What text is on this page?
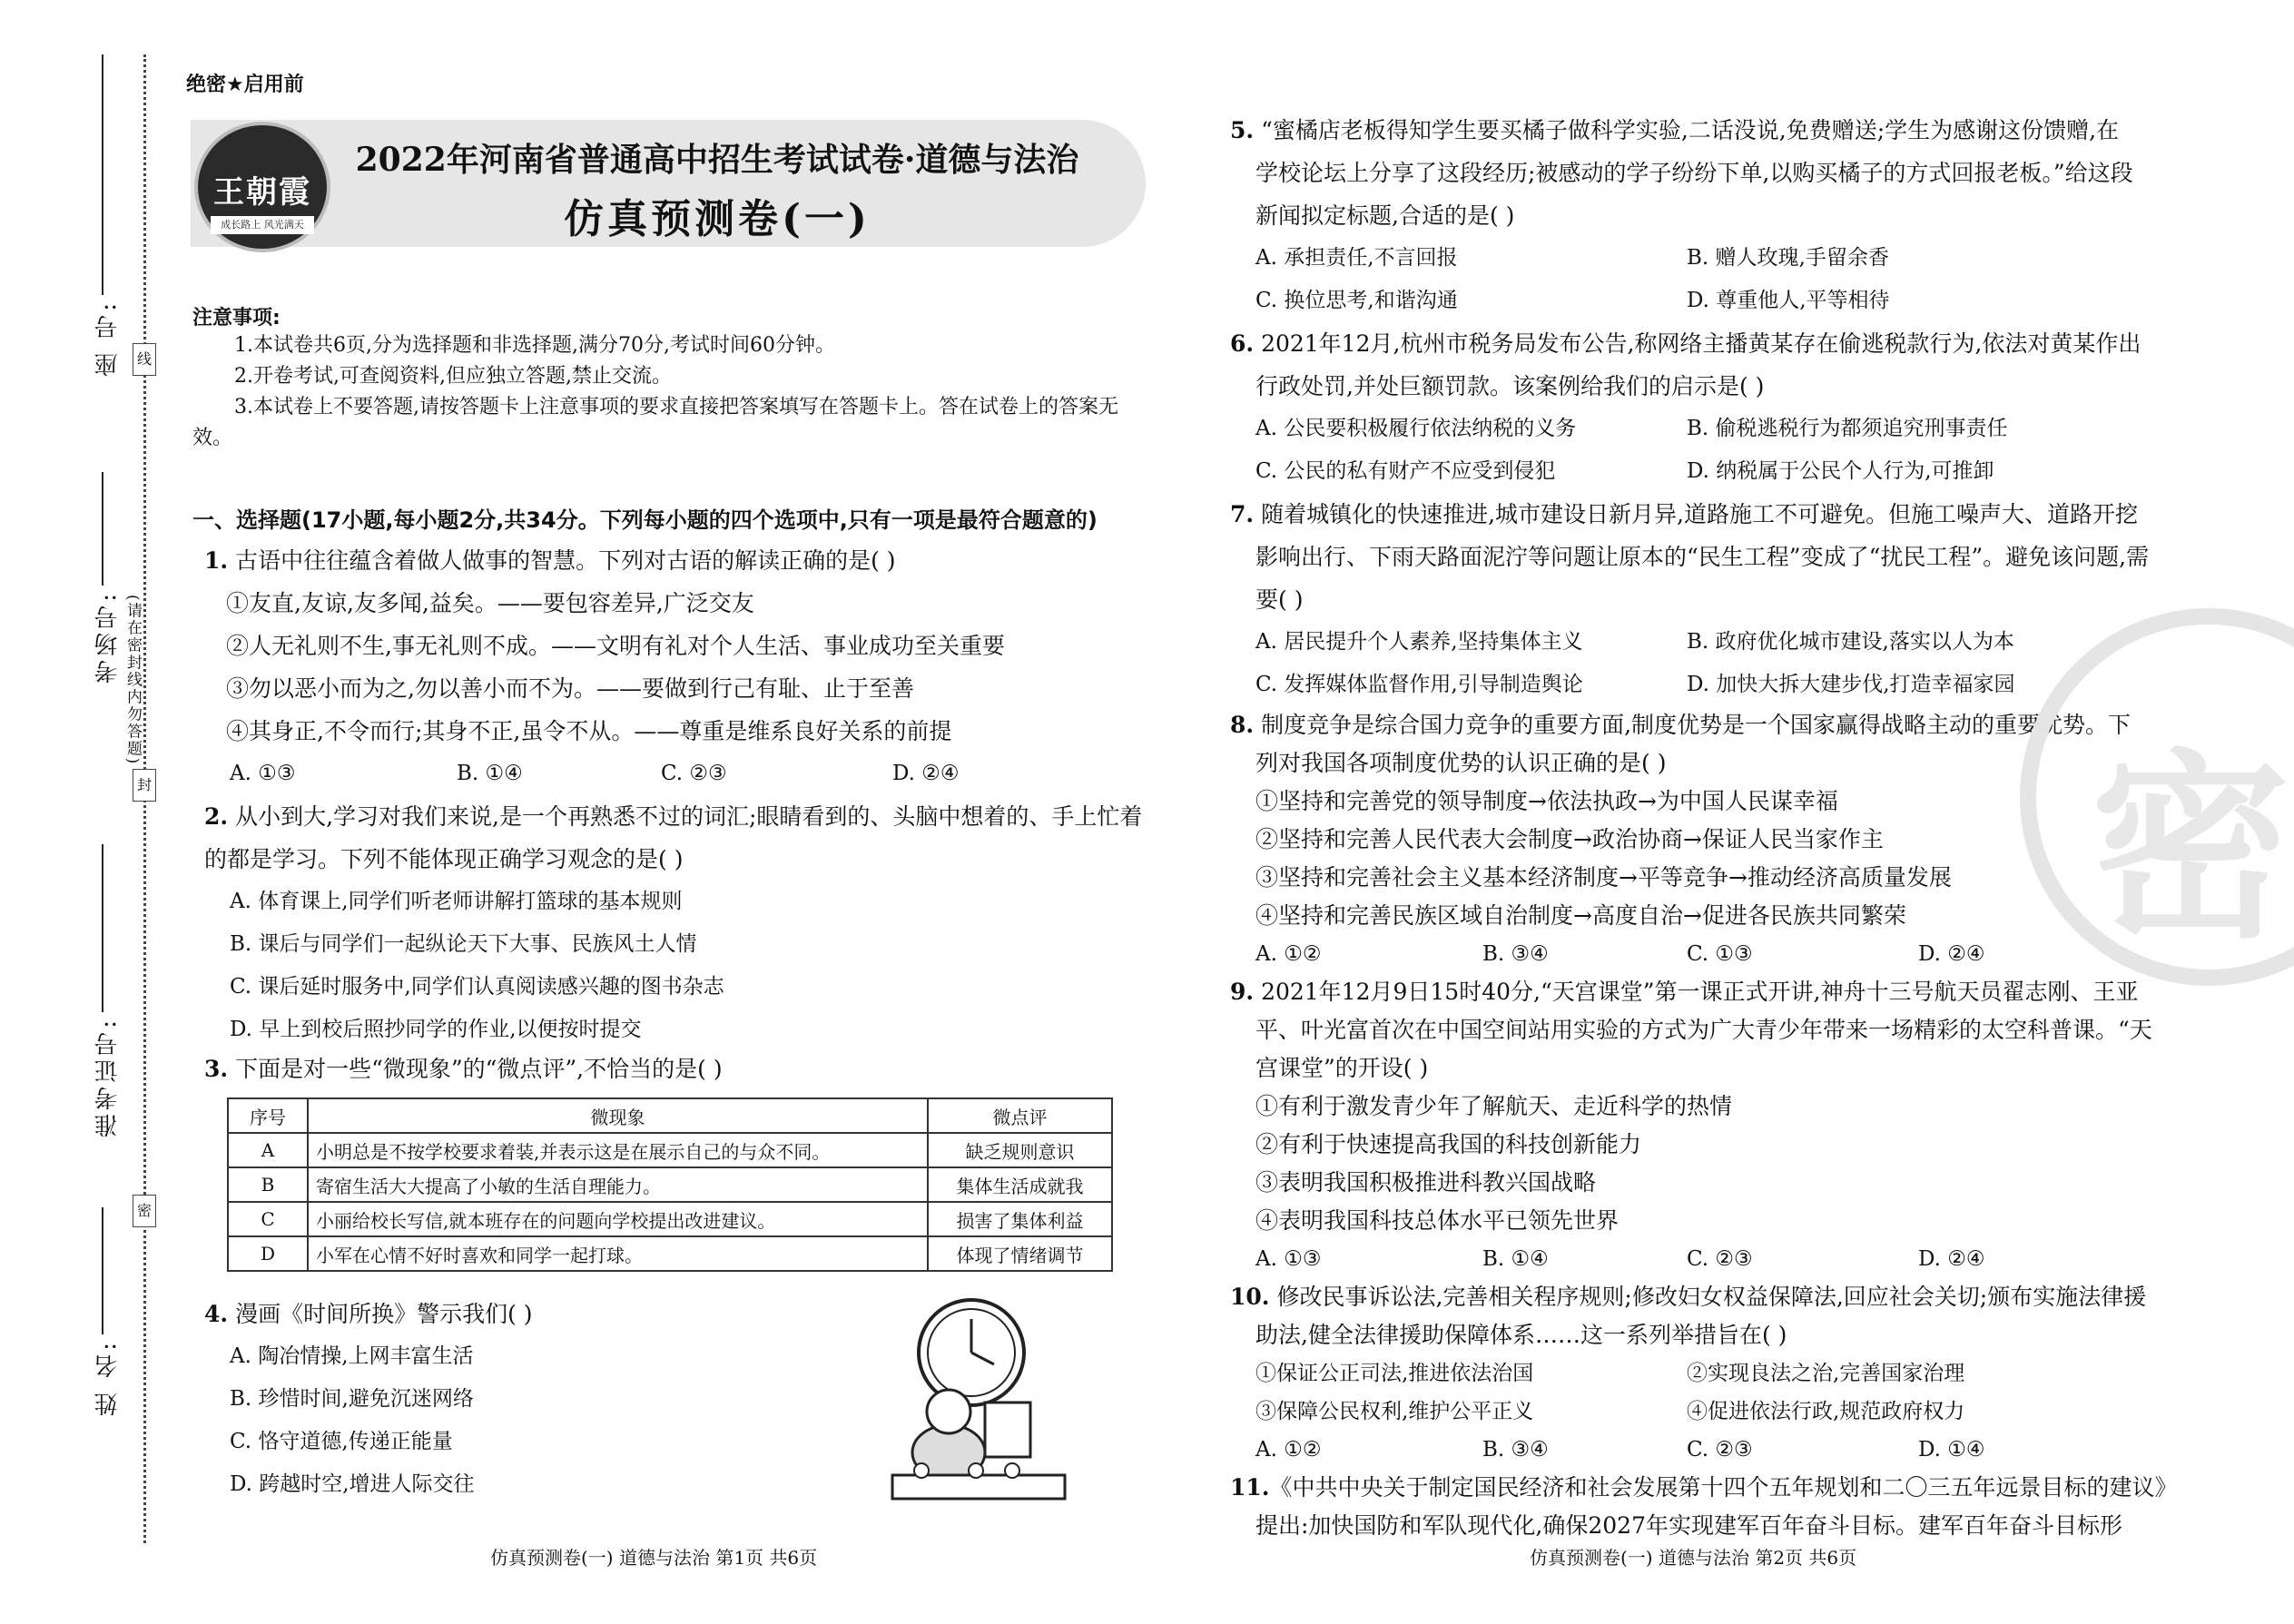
座 号:
考场号:
准考证号:
姓 名:
线
封
密
(请在密封线内勿答题)
绝密★启用前
王朝霞
成长路上 风光满天
2022年河南省普通高中招生考试试卷·道德与法治
仿真预测卷(一)
注意事项:
1.本试卷共6页,分为选择题和非选择题,满分70分,考试时间60分钟。
2.开卷考试,可查阅资料,但应独立答题,禁止交流。
3.本试卷上不要答题,请按答题卡上注意事项的要求直接把答案填写在答题卡上。答在试卷上的答案无效。
一、选择题(17小题,每小题2分,共34分。下列每小题的四个选项中,只有一项是最符合题意的)
1. 古语中往往蕴含着做人做事的智慧。下列对古语的解读正确的是( )
①友直,友谅,友多闻,益矣。——要包容差异,广泛交友
②人无礼则不生,事无礼则不成。——文明有礼对个人生活、事业成功至关重要
③勿以恶小而为之,勿以善小而不为。——要做到行己有耻、止于至善
④其身正,不令而行;其身不正,虽令不从。——尊重是维系良好关系的前提
A. ①③	B. ①④	C. ②③	D. ②④
2. 从小到大,学习对我们来说,是一个再熟悉不过的词汇;眼睛看到的、头脑中想着的、手上忙着的都是学习。下列不能体现正确学习观念的是( )
A. 体育课上,同学们听老师讲解打篮球的基本规则
B. 课后与同学们一起纵论天下大事、民族风土人情
C. 课后延时服务中,同学们认真阅读感兴趣的图书杂志
D. 早上到校后照抄同学的作业,以便按时提交
3. 下面是对一些“微现象”的“微点评”,不恰当的是( )
序号	微现象	微点评
A	小明总是不按学校要求着装,并表示这是在展示自己的与众不同。	缺乏规则意识
B	寄宿生活大大提高了小敏的生活自理能力。	集体生活成就我
C	小丽给校长写信,就本班存在的问题向学校提出改进建议。	损害了集体利益
D	小军在心情不好时喜欢和同学一起打球。	体现了情绪调节
4. 漫画《时间所换》警示我们( )
A. 陶冶情操,上网丰富生活
B. 珍惜时间,避免沉迷网络
C. 恪守道德,传递正能量
D. 跨越时空,增进人际交往
5. “蜜橘店老板得知学生要买橘子做科学实验,二话没说,免费赠送;学生为感谢这份馈赠,在
学校论坛上分享了这段经历;被感动的学子纷纷下单,以购买橘子的方式回报老板。”给这段
新闻拟定标题,合适的是( )
A. 承担责任,不言回报	B. 赠人玫瑰,手留余香
C. 换位思考,和谐沟通	D. 尊重他人,平等相待
6. 2021年12月,杭州市税务局发布公告,称网络主播黄某存在偷逃税款行为,依法对黄某作出
行政处罚,并处巨额罚款。该案例给我们的启示是( )
A. 公民要积极履行依法纳税的义务	B. 偷税逃税行为都须追究刑事责任
C. 公民的私有财产不应受到侵犯	D. 纳税属于公民个人行为,可推卸
7. 随着城镇化的快速推进,城市建设日新月异,道路施工不可避免。但施工噪声大、道路开挖
影响出行、下雨天路面泥泞等问题让原本的“民生工程”变成了“扰民工程”。避免该问题,需
要( )
A. 居民提升个人素养,坚持集体主义	B. 政府优化城市建设,落实以人为本
C. 发挥媒体监督作用,引导制造舆论	D. 加快大拆大建步伐,打造幸福家园
8. 制度竞争是综合国力竞争的重要方面,制度优势是一个国家赢得战略主动的重要优势。下
列对我国各项制度优势的认识正确的是( )
①坚持和完善党的领导制度→依法执政→为中国人民谋幸福
②坚持和完善人民代表大会制度→政治协商→保证人民当家作主
③坚持和完善社会主义基本经济制度→平等竞争→推动经济高质量发展
④坚持和完善民族区域自治制度→高度自治→促进各民族共同繁荣
A. ①②	B. ③④	C. ①③	D. ②④
9. 2021年12月9日15时40分,“天宫课堂”第一课正式开讲,神舟十三号航天员翟志刚、王亚
平、叶光富首次在中国空间站用实验的方式为广大青少年带来一场精彩的太空科普课。“天
宫课堂”的开设( )
①有利于激发青少年了解航天、走近科学的热情
②有利于快速提高我国的科技创新能力
③表明我国积极推进科教兴国战略
④表明我国科技总体水平已领先世界
A. ①③	B. ①④	C. ②③	D. ②④
10. 修改民事诉讼法,完善相关程序规则;修改妇女权益保障法,回应社会关切;颁布实施法律援
助法,健全法律援助保障体系……这一系列举措旨在( )
①保证公正司法,推进依法治国	②实现良法之治,完善国家治理
③保障公民权利,维护公平正义	④促进依法行政,规范政府权力
A. ①②	B. ③④	C. ②③	D. ①④
11.《中共中央关于制定国民经济和社会发展第十四个五年规划和二〇三五年远景目标的建议》
提出:加快国防和军队现代化,确保2027年实现建军百年奋斗目标。建军百年奋斗目标形
密
仿真预测卷(一) 道德与法治 第1页 共6页	仿真预测卷(一) 道德与法治 第2页 共6页
